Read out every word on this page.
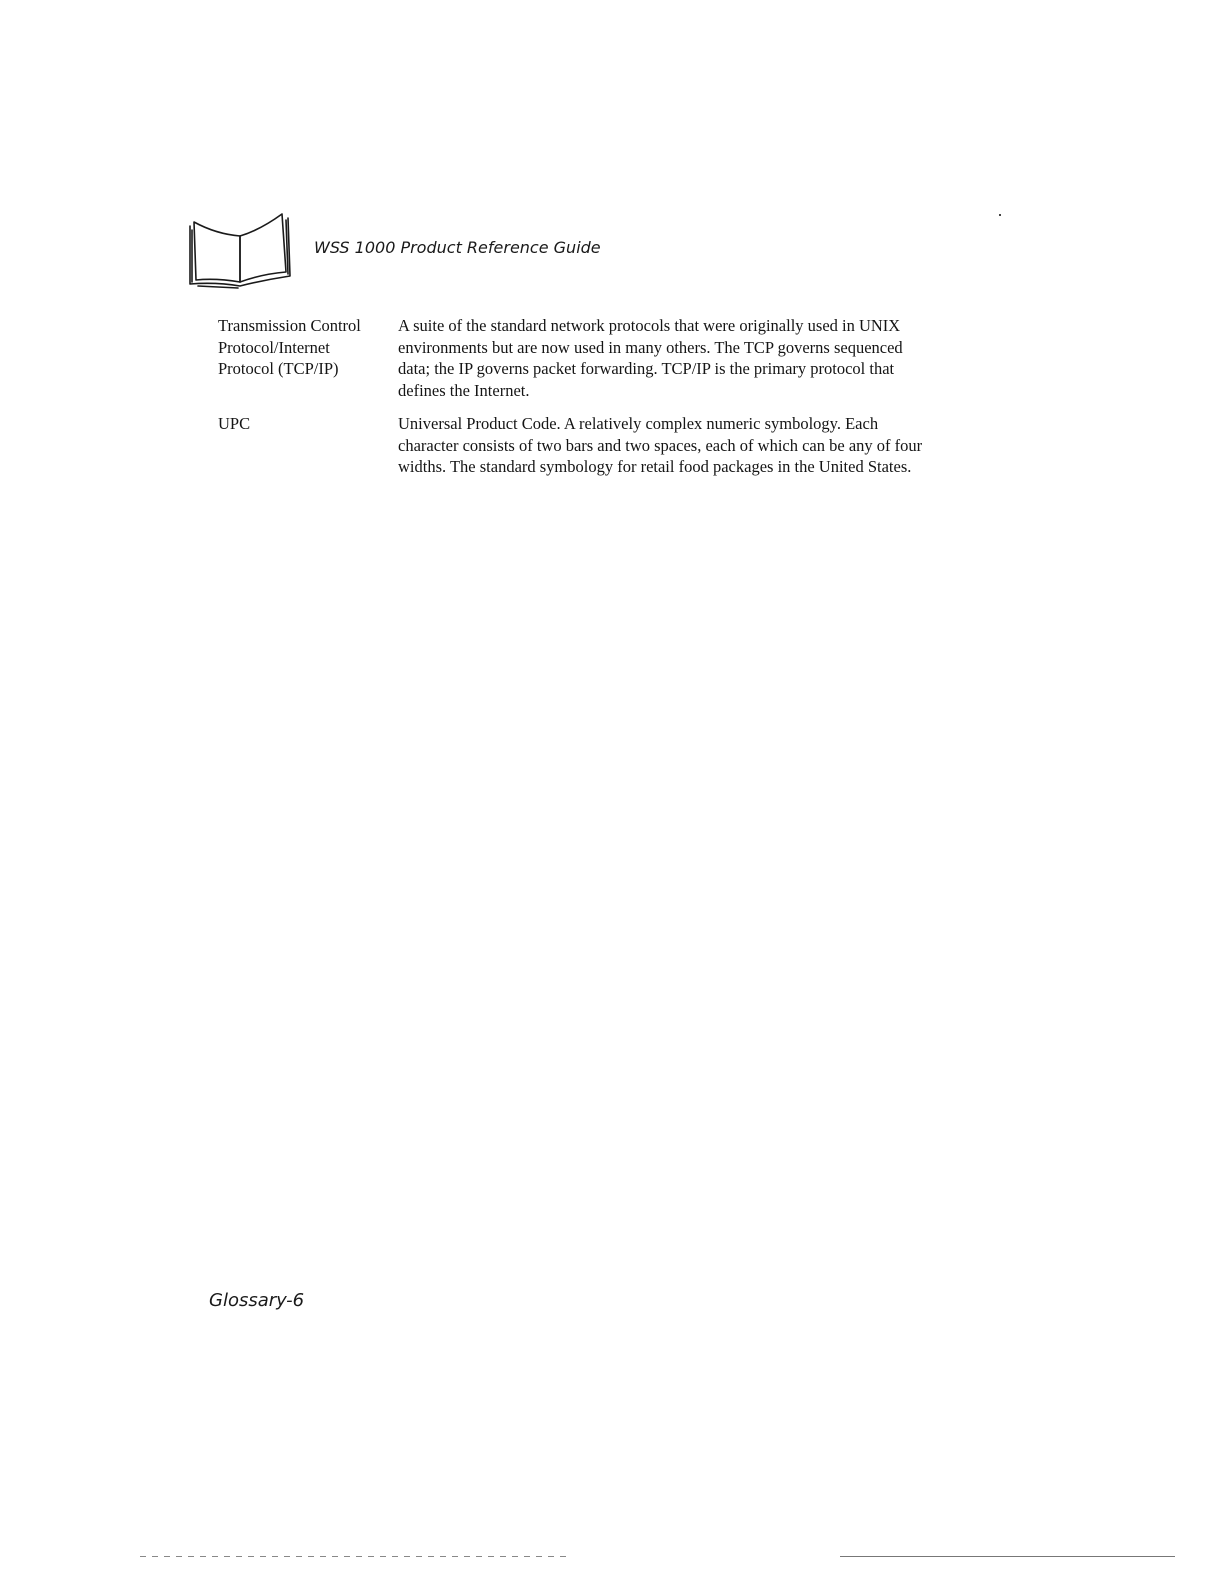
WSS 1000 Product Reference Guide

Transmission Control
Protocol/Internet
Protocol (TCP/IP)

A suite of the standard network protocols that were originally used in UNIX environments but are now used in many others. The TCP governs sequenced data; the IP governs packet forwarding. TCP/IP is the primary protocol that defines the Internet.

UPC	Universal Product Code. A relatively complex numeric symbology. Each character consists of two bars and two spaces, each of which can be any of four widths. The standard symbology for retail food packages in the United States.

Glossary-6
